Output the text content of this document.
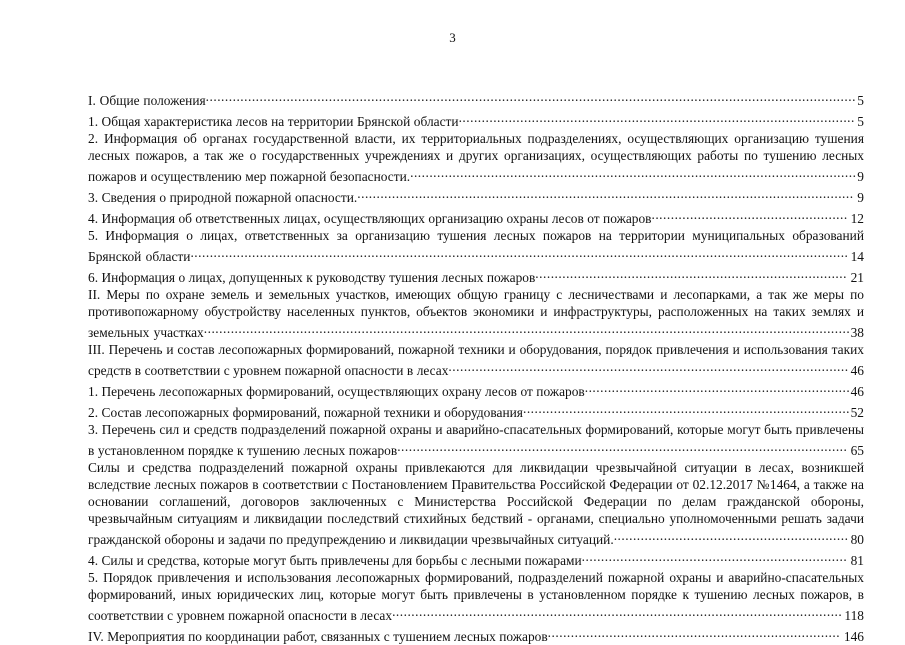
3
I. Общие положения.........................................................................................................................................................................5
1. Общая характеристика лесов на территории Брянской области....................................................................................................... 5
2. Информация об органах государственной власти, их территориальных подразделениях, осуществляющих организацию тушения лесных пожаров, а так же о государственных учреждениях и других организациях, осуществляющих работы по тушению лесных пожаров и осуществлению мер пожарной безопасности.....................................................................................................................9
3. Сведения о природной пожарной опасности.................................................................................................................................. 9
4. Информация об ответственных лицах, осуществляющих организацию охраны лесов от пожаров................................................... 12
5. Информация о лицах, ответственных за организацию тушения лесных пожаров на территории муниципальных образований Брянской области........................................................................................................................................................................... 14
6. Информация о лицах, допущенных к руководству тушения лесных пожаров................................................................................. 21
II. Меры по охране земель и земельных участков, имеющих общую границу с лесничествами и лесопарками, а так же меры по противопожарному обустройству населенных пунктов, объектов экономики и инфраструктуры, расположенных на таких землях и земельных участках........................................................................................................................................................................38
III. Перечень и состав лесопожарных формирований, пожарной техники и оборудования, порядок привлечения и использования таких средств в соответствии с уровнем пожарной опасности в лесах........................................................................................................ 46
1. Перечень лесопожарных формирований, осуществляющих охрану лесов от пожаров.....................................................................46
2. Состав лесопожарных формирований, пожарной техники и оборудования.....................................................................................52
3. Перечень сил и средств подразделений пожарной охраны и аварийно-спасательных формирований, которые могут быть привлечены в установленном порядке к тушению лесных пожаров..................................................................................................................... 65
Силы и средства подразделений пожарной охраны привлекаются для ликвидации чрезвычайной ситуации в лесах, возникшей вследствие лесных пожаров в соответствии с Постановлением Правительства Российской Федерации от 02.12.2017 №1464, а также на основании соглашений, договоров заключенных с Министерства Российской Федерации по делам гражданской обороны, чрезвычайным ситуациям и ликвидации последствий стихийных бедствий - органами, специально уполномоченными решать задачи гражданской обороны и задачи по предупреждению и ликвидации чрезвычайных ситуаций.............................................................. 80
4. Силы и средства, которые могут быть привлечены для борьбы с лесными пожарами..................................................................... 81
5. Порядок привлечения и использования лесопожарных формирований, подразделений пожарной охраны и аварийно-спасательных формирований, иных юридических лиц, которые могут быть привлечены в установленном порядке к тушению лесных пожаров, в соответствии с уровнем пожарной опасности в лесах..................................................................................................................... 118
IV. Мероприятия по координации работ, связанных с тушением лесных пожаров............................................................................ 146
